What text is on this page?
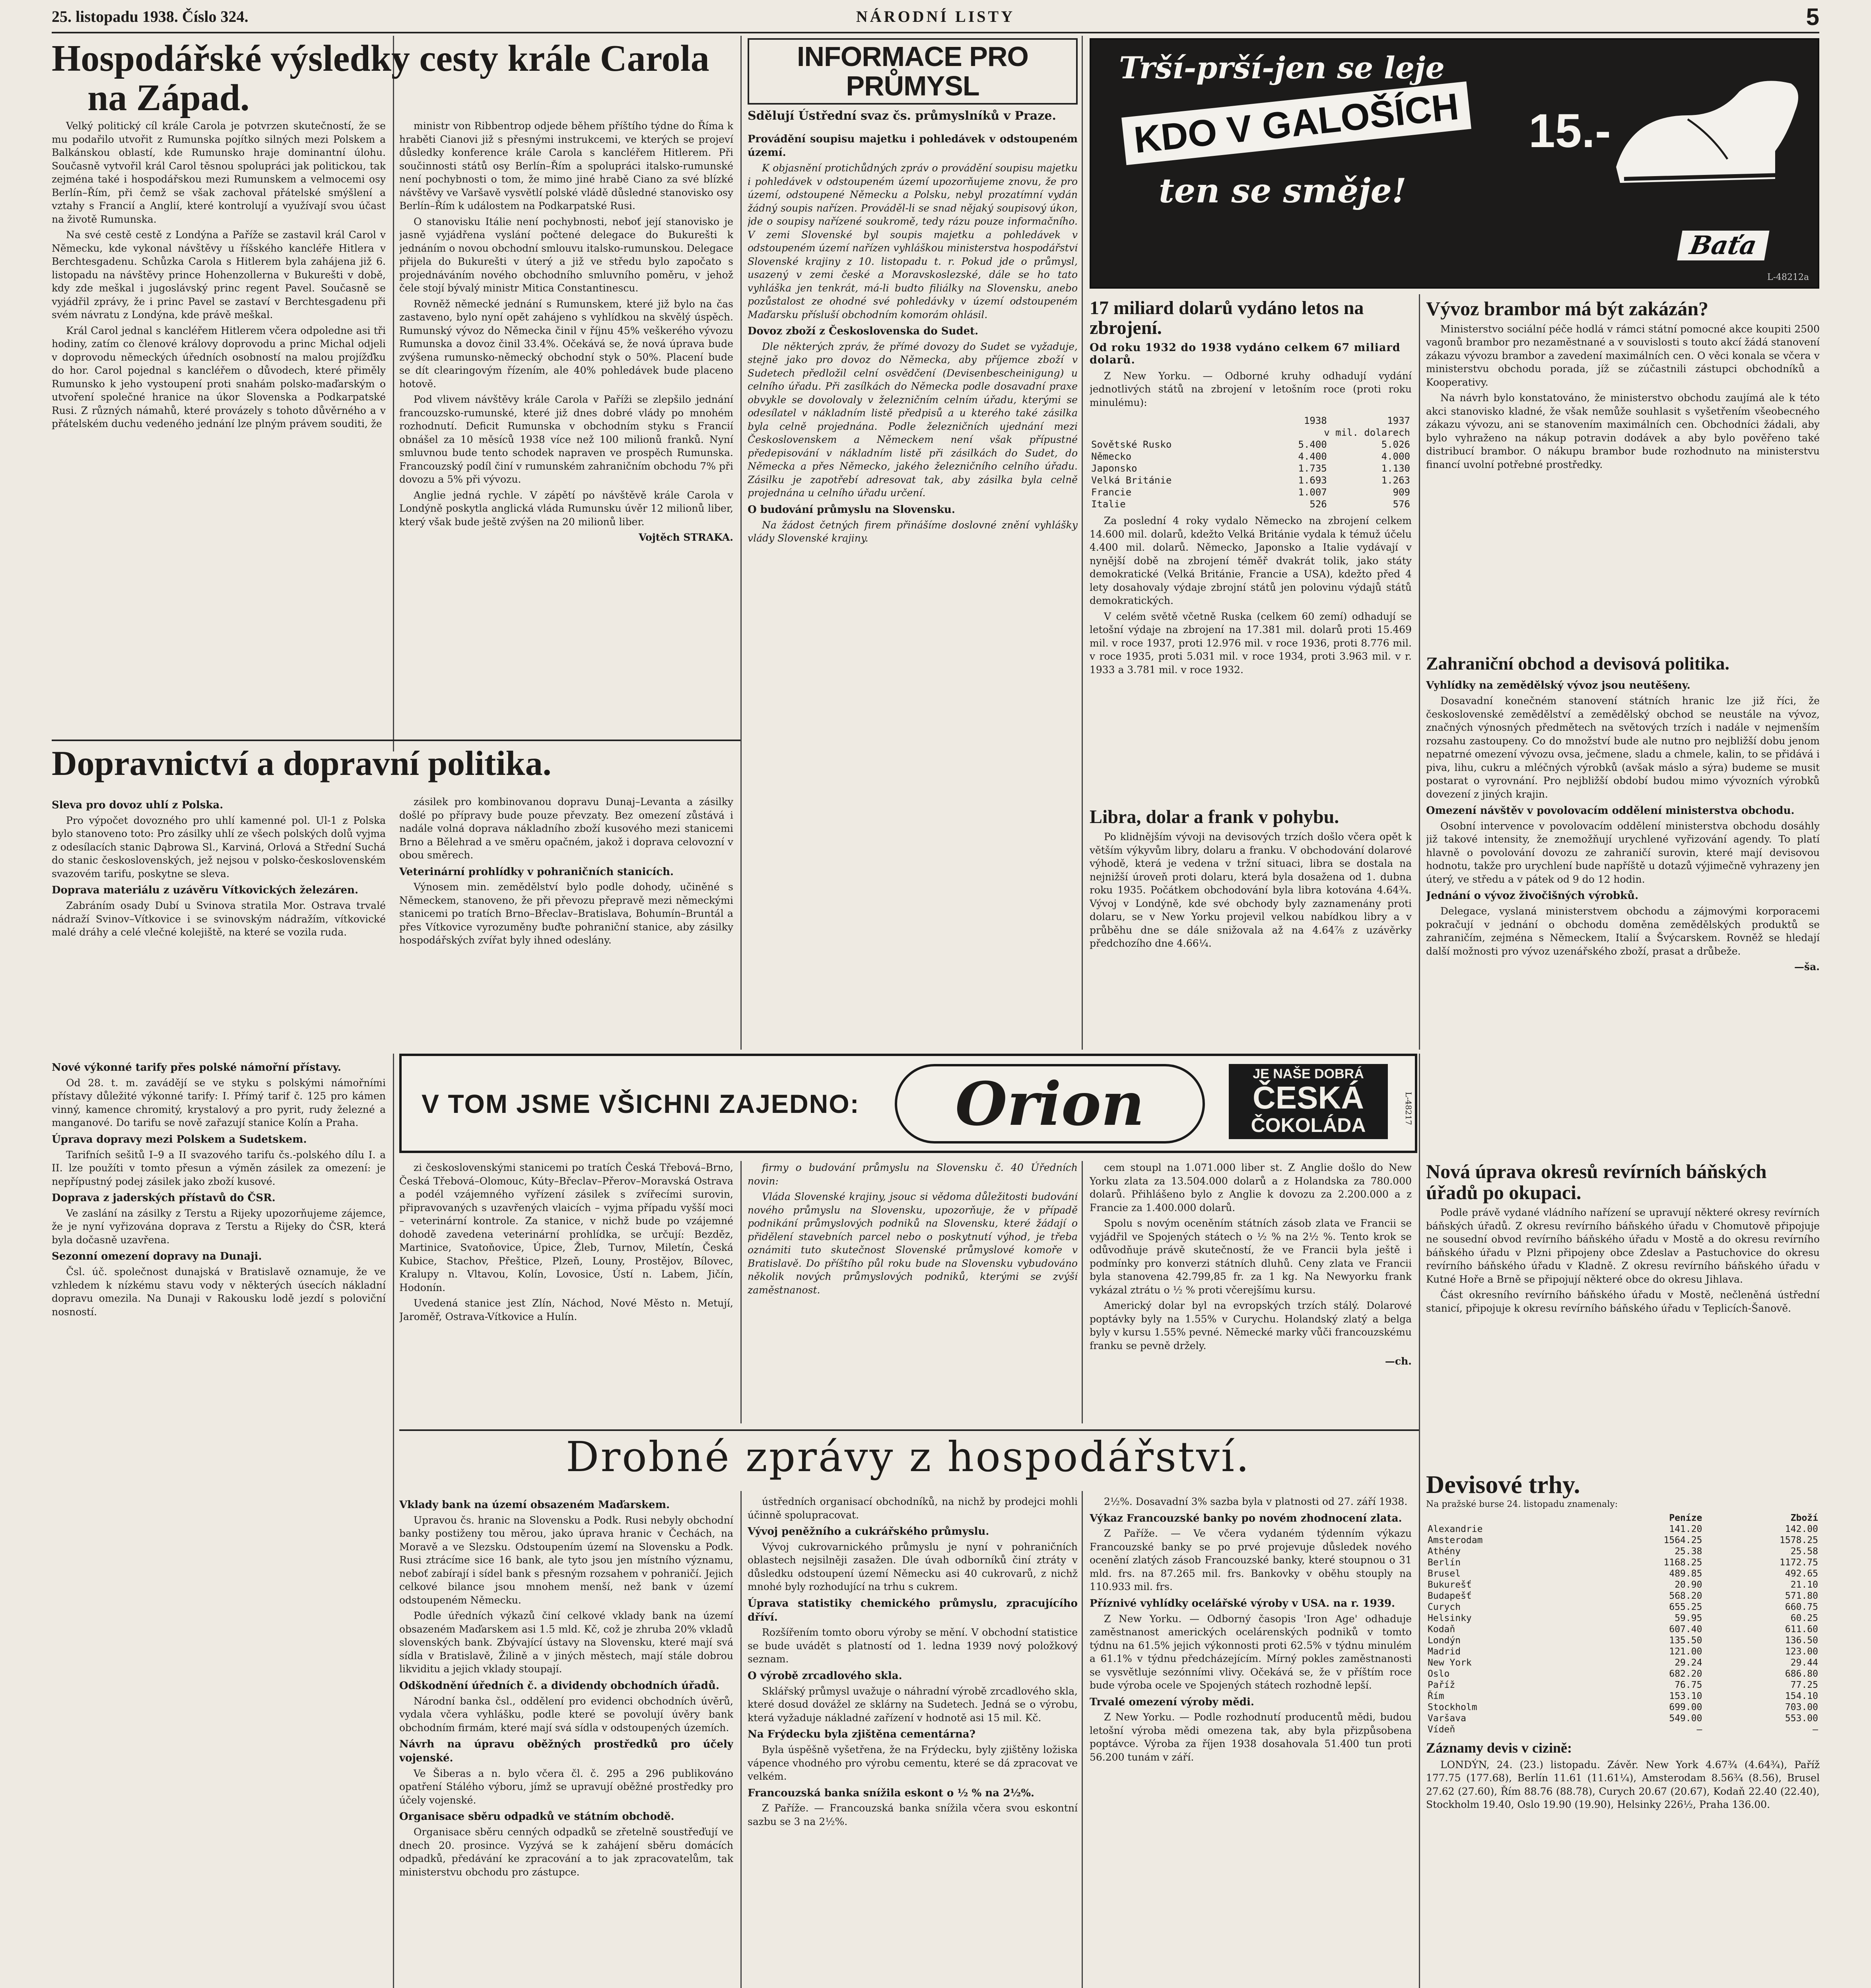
25. listopadu 1938. Číslo 324.	NÁRODNÍ LISTY	5
Hospodářské výsledky cesty krále Carola
na Západ.

Velký politický cíl krále Carola je potvrzen skutečností, že se mu podařilo utvořit z Rumunska pojítko silných mezi Polskem a Balkánskou oblastí, kde Rumunsko hraje dominantní úlohu. Současně vytvořil král Carol těsnou spolupráci jak politickou, tak zejména také i hospodářskou mezi Rumunskem a velmocemi osy Berlín–Řím, při čemž se však zachoval přátelské smýšlení a vztahy s Francií a Anglií, které kontrolují a využívají svou účast na životě Rumunska.

Na své cestě cestě z Londýna a Paříže se zastavil král Carol v Německu, kde vykonal návštěvy u říšského kancléře Hitlera v Berchtesgadenu. Schůzka Carola s Hitlerem byla zahájena již 6. listopadu na návštěvy prince Hohenzollerna v Bukurešti v době, kdy zde meškal i jugoslávský princ regent Pavel. Současně se vyjádřil zprávy, že i princ Pavel se zastaví v Berchtesgadenu při svém návratu z Londýna, kde právě meškal.

Král Carol jednal s kancléřem Hitlerem včera odpoledne asi tři hodiny, zatím co členové královy doprovodu a princ Michal odjeli v doprovodu německých úředních osobností na malou projížďku do hor. Carol pojednal s kancléřem o důvodech, které přiměly Rumunsko k jeho vystoupení proti snahám polsko-maďarským o utvoření společné hranice na úkor Slovenska a Podkarpatské Rusi. Z různých námahů, které provázely s tohoto důvěrného a v přátelském duchu vedeného jednání lze plným právem souditi, že

ministr von Ribbentrop odjede během příštího týdne do Říma k hraběti Cianovi již s přesnými instrukcemi, ve kterých se projeví důsledky konference krále Carola s kancléřem Hitlerem. Při součinnosti států osy Berlín–Řím a spolupráci italsko-rumunské není pochybnosti o tom, že mimo jiné hrabě Ciano za své blízké návštěvy ve Varšavě vysvětlí polské vládě důsledné stanovisko osy Berlín–Řím k událostem na Podkarpatské Rusi.

O stanovisku Itálie není pochybnosti, neboť její stanovisko je jasně vyjádřena vyslání počtené delegace do Bukurešti k jednáním o novou obchodní smlouvu italsko-rumunskou. Delegace přijela do Bukurešti v úterý a již ve středu bylo započato s projednáváním nového obchodního smluvního poměru, v jehož čele stojí bývalý ministr Mitica Constantinescu.

Rovněž německé jednání s Rumunskem, které již bylo na čas zastaveno, bylo nyní opět zahájeno s vyhlídkou na skvělý úspěch. Rumunský vývoz do Německa činil v říjnu 45% veškerého vývozu Rumunska a dovoz činil 33.4%. Očekává se, že nová úprava bude zvýšena rumunsko-německý obchodní styk o 50%. Placení bude se dít clearingovým řízením, ale 40% pohledávek bude placeno hotově.

Pod vlivem návštěvy krále Carola v Paříži se zlepšilo jednání francouzsko-rumunské, které již dnes dobré vlády po mnohém rozhodnutí. Deficit Rumunska v obchodním styku s Francií obnášel za 10 měsíců 1938 více než 100 milionů franků. Nyní smluvnou bude tento schodek napraven ve prospěch Rumunska. Francouzský podíl činí v rumunském zahraničním obchodu 7% při dovozu a 5% při vývozu.

Anglie jedná rychle. V zápětí po návštěvě krále Carola v Londýně poskytla anglická vláda Rumunsku úvěr 12 milionů liber, který však bude ještě zvýšen na 20 milionů liber.

Vojtěch STRAKA.
INFORMACE PRO PRŮMYSL
Sdělují Ústřední svaz čs. průmyslníků v Praze.
Provádění soupisu majetku i pohledávek v odstoupeném území.

K objasnění protichůdných zpráv o provádění soupisu majetku i pohledávek v odstoupeném území upozorňujeme znovu, že pro území, odstoupené Německu a Polsku, nebyl prozatímní vydán žádný soupis nařízen. Prováděl-li se snad nějaký soupisový úkon, jde o soupisy nařízené soukromě, tedy rázu pouze informačního. V zemi Slovenské byl soupis majetku a pohledávek v odstoupeném území nařízen vyhláškou ministerstva hospodářství Slovenské krajiny z 10. listopadu t. r. Pokud jde o průmysl, usazený v zemi české a Moravskoslezské, dále se ho tato vyhláška jen tenkrát, má-li budto filiálky na Slovensku, anebo pozůstalost ze ohodné své pohledávky v území odstoupeném Maďarsku přísluší obchodním komorám ohlásil.

Dovoz zboží z Československa do Sudet.

Dle některých zpráv, že přímé dovozy do Sudet se vyžaduje, stejně jako pro dovoz do Německa, aby příjemce zboží v Sudetech předložil celní osvědčení (Devisenbescheinigung) u celního úřadu. Při zasílkách do Německa podle dosavadní praxe obvykle se dovolovaly v železničním celním úřadu, kterými se odesílatel v nákladním listě předpisů a u kterého také zásilka byla celně projednána. Podle železničních ujednání mezi Československem a Německem není však přípustné předepisování v nákladním listě při zásilkách do Sudet, do Německa a přes Německo, jakého železničního celního úřadu. Zásilku je zapotřebí adresovat tak, aby zásilka byla celně projednána u celního úřadu určení.

O budování průmyslu na Slovensku.

Na žádost četných firem přinášíme doslovné znění vyhlášky vlády Slovenské krajiny.

Trší-prší-jen se leje
KDO V GALOŠÍCH
ten se směje!
15.-
Baťa
L-48212a
17 miliard dolarů vydáno letos na zbrojení.
Od roku 1932 do 1938 vydáno celkem 67 miliard dolarů.

Z New Yorku. — Odborné kruhy odhadují vydání jednotlivých států na zbrojení v letošním roce (proti roku minulému):

	1938	1937
	v mil. dolarech	
Sovětské Rusko	5.400	5.026
Německo	4.400	4.000
Japonsko	1.735	1.130
Velká Británie	1.693	1.263
Francie	1.007	909
Italie	526	576

Za poslední 4 roky vydalo Německo na zbrojení celkem 14.600 mil. dolarů, kdežto Velká Británie vydala k témuž účelu 4.400 mil. dolarů. Německo, Japonsko a Italie vydávají v nynější době na zbrojení téměř dvakrát tolik, jako státy demokratické (Velká Británie, Francie a USA), kdežto před 4 lety dosahovaly výdaje zbrojní států jen polovinu výdajů států demokratických.

V celém světě včetně Ruska (celkem 60 zemí) odhadují se letošní výdaje na zbrojení na 17.381 mil. dolarů proti 15.469 mil. v roce 1937, proti 12.976 mil. v roce 1936, proti 8.776 mil. v roce 1935, proti 5.031 mil. v roce 1934, proti 3.963 mil. v r. 1933 a 3.781 mil. v roce 1932.

Libra, dolar a frank v pohybu.

Po klidnějším vývoji na devisových trzích došlo včera opět k větším výkyvům libry, dolaru a franku. V obchodování dolarové výhodě, která je vedena v tržní situaci, libra se dostala na nejnižší úroveň proti dolaru, která byla dosažena od 1. dubna roku 1935. Počátkem obchodování byla libra kotována 4.64¾. Vývoj v Londýně, kde své obchody byly zaznamenány proti dolaru, se v New Yorku projevil velkou nabídkou libry a v průběhu dne se dále snižovala až na 4.64⅞ z uzávěrky předchozího dne 4.66¼.

Vývoz brambor má být zakázán?

Ministerstvo sociální péče hodlá v rámci státní pomocné akce koupiti 2500 vagonů brambor pro nezaměstnané a v souvislosti s touto akcí žádá stanovení zákazu vývozu brambor a zavedení maximálních cen. O věci konala se včera v ministerstvu obchodu porada, jíž se zúčastnili zástupci obchodníků a Kooperativy.

Na návrh bylo konstatováno, že ministerstvo obchodu zaujímá ale k této akci stanovisko kladné, že však nemůže souhlasit s vyšetřením všeobecného zákazu vývozu, ani se stanovením maximálních cen. Obchodníci žádali, aby bylo vyhraženo na nákup potravin dodávek a aby bylo pověřeno také distribucí brambor. O nákupu brambor bude rozhodnuto na ministerstvu financí uvolní potřebné prostředky.

Zahraniční obchod a devisová politika.
Vyhlídky na zemědělský vývoz jsou neutěšeny.

Dosavadní konečném stanovení státních hranic lze již říci, že československé zemědělství a zemědělský obchod se neustále na vývoz, značných výnosných předmětech na světových trzích i nadále v nejmenším rozsahu zastoupeny. Co do množství bude ale nutno pro nejbližší dobu jenom nepatrné omezení vývozu ovsa, ječmene, sladu a chmele, kalin, to se přidává i piva, lihu, cukru a mléčných výrobků (avšak máslo a sýra) budeme se musit postarat o vyrovnání. Pro nejbližší období budou mimo vývozních výrobků dovezení z jiných krajin.

Omezení návštěv v povolovacím oddělení ministerstva obchodu.

Osobní intervence v povolovacím oddělení ministerstva obchodu dosáhly již takové intensity, že znemožňují urychlené vyřizování agendy. To platí hlavně o povolování dovozu ze zahraničí surovin, které mají devisovou hodnotu, takže pro urychlení bude napříště u dotazů výjimečně vyhrazeny jen úterý, ve středu a v pátek od 9 do 12 hodin.

Jednání o vývoz živočišných výrobků.

Delegace, vyslaná ministerstvem obchodu a zájmovými korporacemi pokračují v jednání o obchodu doměna zemědělských produktů se zahraničím, zejména s Německem, Italií a Švýcarskem. Rovněž se hledají další možnosti pro vývoz uzenářského zboží, prasat a drůbeže.

—ša.
Dopravnictví a dopravní politika.
Sleva pro dovoz uhlí z Polska.

Pro výpočet dovozného pro uhlí kamenné pol. Ul-1 z Polska bylo stanoveno toto: Pro zásilky uhlí ze všech polských dolů vyjma z odesílacích stanic Dąbrowa Sl., Karviná, Orlová a Střední Suchá do stanic československých, jež nejsou v polsko-československém svazovém tarifu, poskytne se sleva.

Doprava materiálu z uzávěru Vítkovických železáren.

Zabráním osady Dubí u Svinova stratila Mor. Ostrava trvalé nádraží Svinov–Vítkovice i se svinovským nádražím, vítkovické malé dráhy a celé vlečné kolejiště, na které se vozila ruda.

zásilek pro kombinovanou dopravu Dunaj–Levanta a zásilky došlé po přípravy bude pouze převzaty. Bez omezení zůstává i nadále volná doprava nákladního zboží kusového mezi stanicemi Brno a Bělehrad a ve směru opačném, jakož i doprava celovozní v obou směrech.

Veterinární prohlídky v pohraničních stanicích.

Výnosem min. zemědělství bylo podle dohody, učiněné s Německem, stanoveno, že při převozu přepravě mezi německými stanicemi po tratích Brno–Břeclav–Bratislava, Bohumín–Bruntál a přes Vítkovice vyrozuměny buďte pohraniční stanice, aby zásilky hospodářských zvířat byly ihned odeslány.

V TOM JSME VŠICHNI ZAJEDNO:	Orion	JE NAŠE DOBRÁ
ČESKÁ
ČOKOLÁDA
L-48217
Nové výkonné tarify přes polské námořní přístavy.

Od 28. t. m. zavádějí se ve styku s polskými námořními přístavy důležité výkonné tarify: I. Přímý tarif č. 125 pro kámen vinný, kamence chromitý, krystalový a pro pyrit, rudy železné a manganové. Do tarifu se nově zařazují stanice Kolín a Praha.

Úprava dopravy mezi Polskem a Sudetskem.

Tarifních sešitů I–9 a II svazového tarifu čs.-polského dílu I. a II. lze použíti v tomto přesun a výměn zásilek za omezení: je nepřípustný podej zásilek jako zboží kusové.

Doprava z jaderských přístavů do ČSR.

Ve zaslání na zásilky z Terstu a Rijeky upozorňujeme zájemce, že je nyní vyřizována doprava z Terstu a Rijeky do ČSR, která byla dočasně uzavřena.

Sezonní omezení dopravy na Dunaji.

Čsl. úč. společnost dunajská v Bratislavě oznamuje, že ve vzhledem k nízkému stavu vody v některých úsecích nákladní dopravu omezila. Na Dunaji v Rakousku lodě jezdí s poloviční nosností.

zi československými stanicemi po tratích Česká Třebová–Brno, Česká Třebová–Olomouc, Kúty–Břeclav–Přerov–Moravská Ostrava a podél vzájemného vyřízení zásilek s zvířecími surovin, připravovaných s uzavřených vlaicích – vyjma případu vyšší moci – veterinární kontrole. Za stanice, v nichž bude po vzájemné dohodě zavedena veterinární prohlídka, se určují: Bezděz, Martinice, Svatoňovice, Úpice, Žleb, Turnov, Miletín, Česká Kubice, Stachov, Přeštice, Plzeň, Louny, Prostějov, Bílovec, Kralupy n. Vltavou, Kolín, Lovosice, Ústí n. Labem, Jičín, Hodonín.

Uvedená stanice jest Zlín, Náchod, Nové Město n. Metují, Jaroměř, Ostrava-Vítkovice a Hulín.

firmy o budování průmyslu na Slovensku č. 40 Úředních novin:

Vláda Slovenské krajiny, jsouc si vědoma důležitosti budování nového průmyslu na Slovensku, upozorňuje, že v případě podnikání průmyslových podniků na Slovensku, které žádají o přidělení stavebních parcel nebo o poskytnutí výhod, je třeba oznámiti tuto skutečnost Slovenské průmyslové komoře v Bratislavě. Do příštího půl roku bude na Slovensku vybudováno několik nových průmyslových podniků, kterými se zvýší zaměstnanost.

cem stoupl na 1.071.000 liber st. Z Anglie došlo do New Yorku zlata za 13.504.000 dolarů a z Holandska za 780.000 dolarů. Přihlášeno bylo z Anglie k dovozu za 2.200.000 a z Francie za 1.400.000 dolarů.

Spolu s novým oceněním státních zásob zlata ve Francii se vyjádřil ve Spojených státech o ½ % na 2½ %. Tento krok se odůvodňuje právě skutečností, že ve Francii byla ještě i podmínky pro konverzi státních dluhů. Ceny zlata ve Francii byla stanovena 42.799,85 fr. za 1 kg. Na Newyorku frank vykázal ztrátu o ½ % proti včerejšímu kursu.

Americký dolar byl na evropských trzích stálý. Dolarové poptávky byly na 1.55% v Curychu. Holandský zlatý a belga byly v kursu 1.55% pevné. Německé marky vůči francouzskému franku se pevně držely.

—ch.
Nová úprava okresů revírních báňských úřadů po okupaci.

Podle právě vydané vládního nařízení se upravují některé okresy revírních báňských úřadů. Z okresu revírního báňského úřadu v Chomutově připojuje ne sousední obvod revírního báňského úřadu v Mostě a do okresu revírního báňského úřadu v Plzni připojeny obce Zdeslav a Pastuchovice do okresu revírního báňského úřadu v Kladně. Z okresu revírního báňského úřadu v Kutné Hoře a Brně se připojují některé obce do okresu Jihlava.

Část okresního revírního báňského úřadu v Mostě, nečleněná ústřední stanicí, připojuje k okresu revírního báňského úřadu v Teplicích-Šanově.

Devisové trhy.
Na pražské burse 24. listopadu znamenaly:
	Peníze	Zboží
Alexandrie	141.20	142.00
Amsterodam	1564.25	1578.25
Athény	25.38	25.58
Berlín	1168.25	1172.75
Brusel	489.85	492.65
Bukurešť	20.90	21.10
Budapešť	568.20	571.80
Curych	655.25	660.75
Helsinky	59.95	60.25
Kodaň	607.40	611.60
Londýn	135.50	136.50
Madrid	121.00	123.00
New York	29.24	29.44
Oslo	682.20	686.80
Paříž	76.75	77.25
Řím	153.10	154.10
Stockholm	699.00	703.00
Varšava	549.00	553.00
Vídeň	—	—
Záznamy devis v cizině:

LONDÝN, 24. (23.) listopadu. Závěr. New York 4.67¾ (4.64¾), Paříž 177.75 (177.68), Berlín 11.61 (11.61¼), Amsterodam 8.56¾ (8.56), Brusel 27.62 (27.60), Řím 88.76 (88.78), Curych 20.67 (20.67), Kodaň 22.40 (22.40), Stockholm 19.40, Oslo 19.90 (19.90), Helsinky 226½, Praha 136.00.

Drobné zprávy z hospodářství.
Vklady bank na území obsazeném Maďarskem.

Upravou čs. hranic na Slovensku a Podk. Rusi nebyly obchodní banky postiženy tou měrou, jako úprava hranic v Čechách, na Moravě a ve Slezsku. Odstoupením území na Slovensku a Podk. Rusi ztrácíme sice 16 bank, ale tyto jsou jen místního významu, neboť zabírají i sídel bank s přesným rozsahem v pohraničí. Jejich celkové bilance jsou mnohem menší, než bank v území odstoupeném Německu.

Podle úředních výkazů činí celkové vklady bank na území obsazeném Maďarskem asi 1.5 mld. Kč, což je zhruba 20% vkladů slovenských bank. Zbývající ústavy na Slovensku, které mají svá sídla v Bratislavě, Žilině a v jiných městech, mají stále dobrou likviditu a jejich vklady stoupají.

Odškodnění úředních č. a dividendy obchodních úřadů.

Národní banka čsl., oddělení pro evidenci obchodních úvěrů, vydala včera vyhlášku, podle které se povolují úvěry bank obchodním firmám, které mají svá sídla v odstoupených územích.

Návrh na úpravu oběžných prostředků pro účely vojenské.

Ve Šiberas a n. bylo včera čl. č. 295 a 296 publikováno opatření Stálého výboru, jímž se upravují oběžné prostředky pro účely vojenské.

Organisace sběru odpadků ve státním obchodě.

Organisace sběru cenných odpadků se zřetelně soustřeďují ve dnech 20. prosince. Vyzývá se k zahájení sběru domácích odpadků, předávání ke zpracování a to jak zpracovatelům, tak ministerstvu obchodu pro zástupce.

ústředních organisací obchodníků, na nichž by prodejci mohli účinně spolupracovat.

Vývoj peněžního a cukrářského průmyslu.

Vývoj cukrovarnického průmyslu je nyní v pohraničních oblastech nejsilněji zasažen. Dle úvah odborníků činí ztráty v důsledku odstoupení území Německu asi 40 cukrovarů, z nichž mnohé byly rozhodující na trhu s cukrem.

Úprava statistiky chemického průmyslu, zpracujícího dříví.

Rozšířením tomto oboru výroby se mění. V obchodní statistice se bude uvádět s platností od 1. ledna 1939 nový položkový seznam.

O výrobě zrcadlového skla.

Sklářský průmysl uvažuje o náhradní výrobě zrcadlového skla, které dosud dovážel ze sklárny na Sudetech. Jedná se o výrobu, která vyžaduje nákladné zařízení v hodnotě asi 15 mil. Kč.

Na Frýdecku byla zjištěna cementárna?

Byla úspěšně vyšetřena, že na Frýdecku, byly zjištěny ložiska vápence vhodného pro výrobu cementu, které se dá zpracovat ve velkém.

Francouzská banka snížila eskont o ½ % na 2½%.

Z Paříže. — Francouzská banka snížila včera svou eskontní sazbu se 3 na 2½%.

2½%. Dosavadní 3% sazba byla v platnosti od 27. září 1938.

Výkaz Francouzské banky po novém zhodnocení zlata.

Z Paříže. — Ve včera vydaném týdenním výkazu Francouzské banky se po prvé projevuje důsledek nového ocenění zlatých zásob Francouzské banky, které stoupnou o 31 mld. frs. na 87.265 mil. frs. Bankovky v oběhu stouply na 110.933 mil. frs.

Příznivé vyhlídky ocelářské výroby v USA. na r. 1939.

Z New Yorku. — Odborný časopis 'Iron Age' odhaduje zaměstnanost amerických ocelárenských podniků v tomto týdnu na 61.5% jejich výkonnosti proti 62.5% v týdnu minulém a 61.1% v týdnu předcházejícím. Mírný pokles zaměstnanosti se vysvětluje sezónními vlivy. Očekává se, že v příštím roce bude výroba ocele ve Spojených státech rozhodně lepší.

Trvalé omezení výroby mědi.

Z New Yorku. — Podle rozhodnutí producentů mědi, budou letošní výroba mědi omezena tak, aby byla přizpůsobena poptávce. Výroba za říjen 1938 dosahovala 51.400 tun proti 56.200 tunám v září.
